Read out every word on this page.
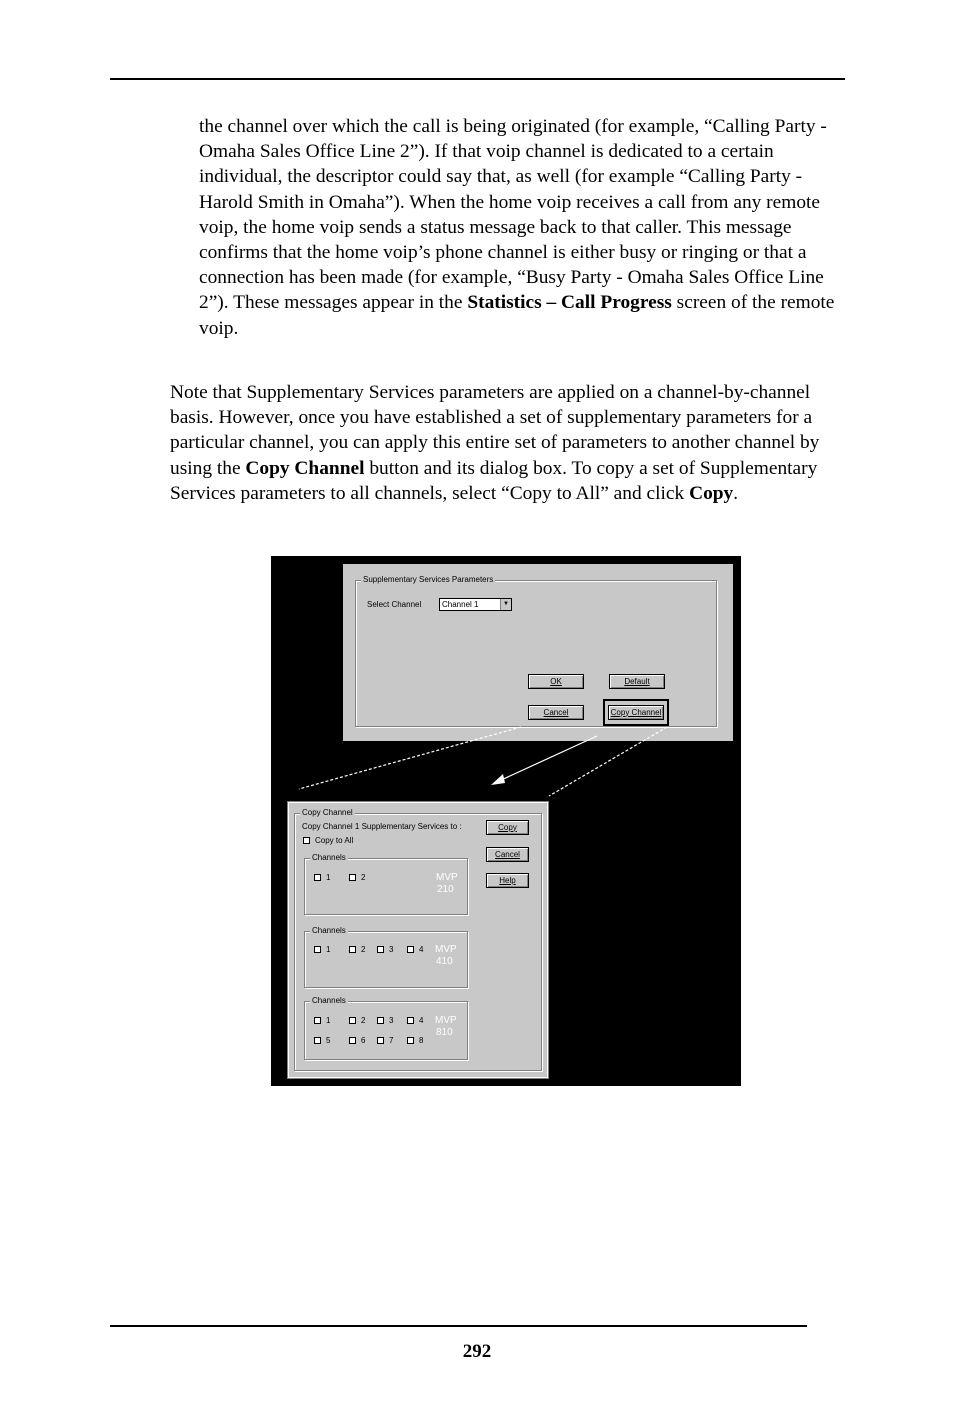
the channel over which the call is being originated (for example, “Calling Party - Omaha Sales Office Line 2”). If that voip channel is dedicated to a certain individual, the descriptor could say that, as well (for example “Calling Party - Harold Smith in Omaha”). When the home voip receives a call from any remote voip, the home voip sends a status message back to that caller. This message confirms that the home voip’s phone channel is either busy or ringing or that a connection has been made (for example, “Busy Party - Omaha Sales Office Line 2”). These messages appear in the Statistics – Call Progress screen of the remote voip.

Note that Supplementary Services parameters are applied on a channel-by-channel basis. However, once you have established a set of supplementary parameters for a particular channel, you can apply this entire set of parameters to another channel by using the Copy Channel button and its dialog box. To copy a set of Supplementary Services parameters to all channels, select “Copy to All” and click Copy.

Supplementary Services Parameters
Select Channel	Channel 1	▼
OK	Default
Cancel	Copy Channel
Copy Channel
Copy Channel 1 Supplementary Services to :
Copy to All
Copy
Cancel
Help
Channels
1	2	MVP
210
Channels
1	2	3	4 MVP
410
Channels
1	2	3	4
5	6	7	8
MVP
810
292
